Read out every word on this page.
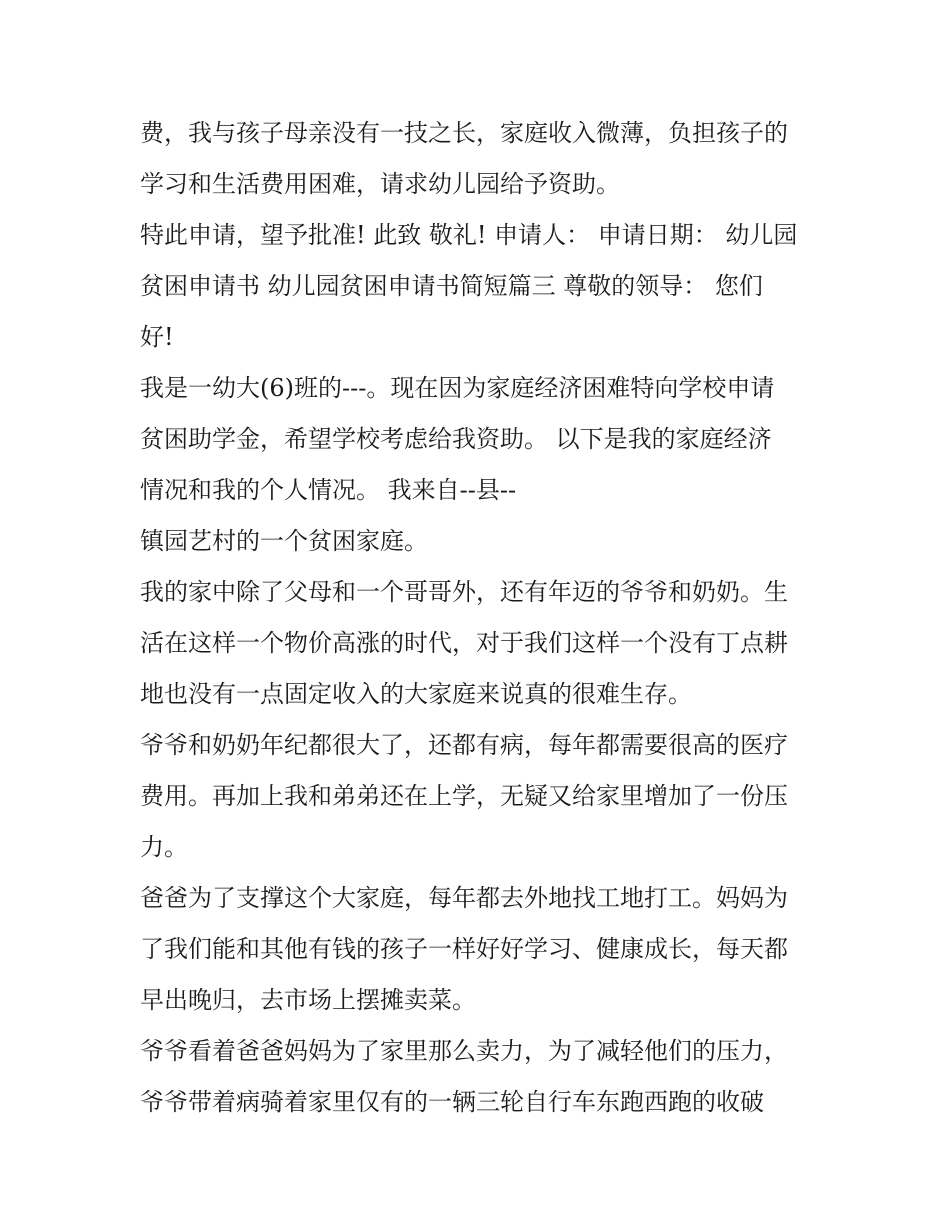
费，我与孩子母亲没有一技之长，家庭收入微薄，负担孩子的
学习和生活费用困难，请求幼儿园给予资助。
特此申请，望予批准! 此致 敬礼! 申请人： 申请日期： 幼儿园
贫困申请书 幼儿园贫困申请书简短篇三 尊敬的领导： 您们
好!
我是一幼大(6)班的---。现在因为家庭经济困难特向学校申请
贫困助学金，希望学校考虑给我资助。 以下是我的家庭经济
情况和我的个人情况。 我来自--县--
镇园艺村的一个贫困家庭。
我的家中除了父母和一个哥哥外，还有年迈的爷爷和奶奶。生
活在这样一个物价高涨的时代，对于我们这样一个没有丁点耕
地也没有一点固定收入的大家庭来说真的很难生存。
爷爷和奶奶年纪都很大了，还都有病，每年都需要很高的医疗
费用。再加上我和弟弟还在上学，无疑又给家里增加了一份压
力。
爸爸为了支撑这个大家庭，每年都去外地找工地打工。妈妈为
了我们能和其他有钱的孩子一样好好学习、健康成长，每天都
早出晚归，去市场上摆摊卖菜。
爷爷看着爸爸妈妈为了家里那么卖力，为了减轻他们的压力，
爷爷带着病骑着家里仅有的一辆三轮自行车东跑西跑的收破
